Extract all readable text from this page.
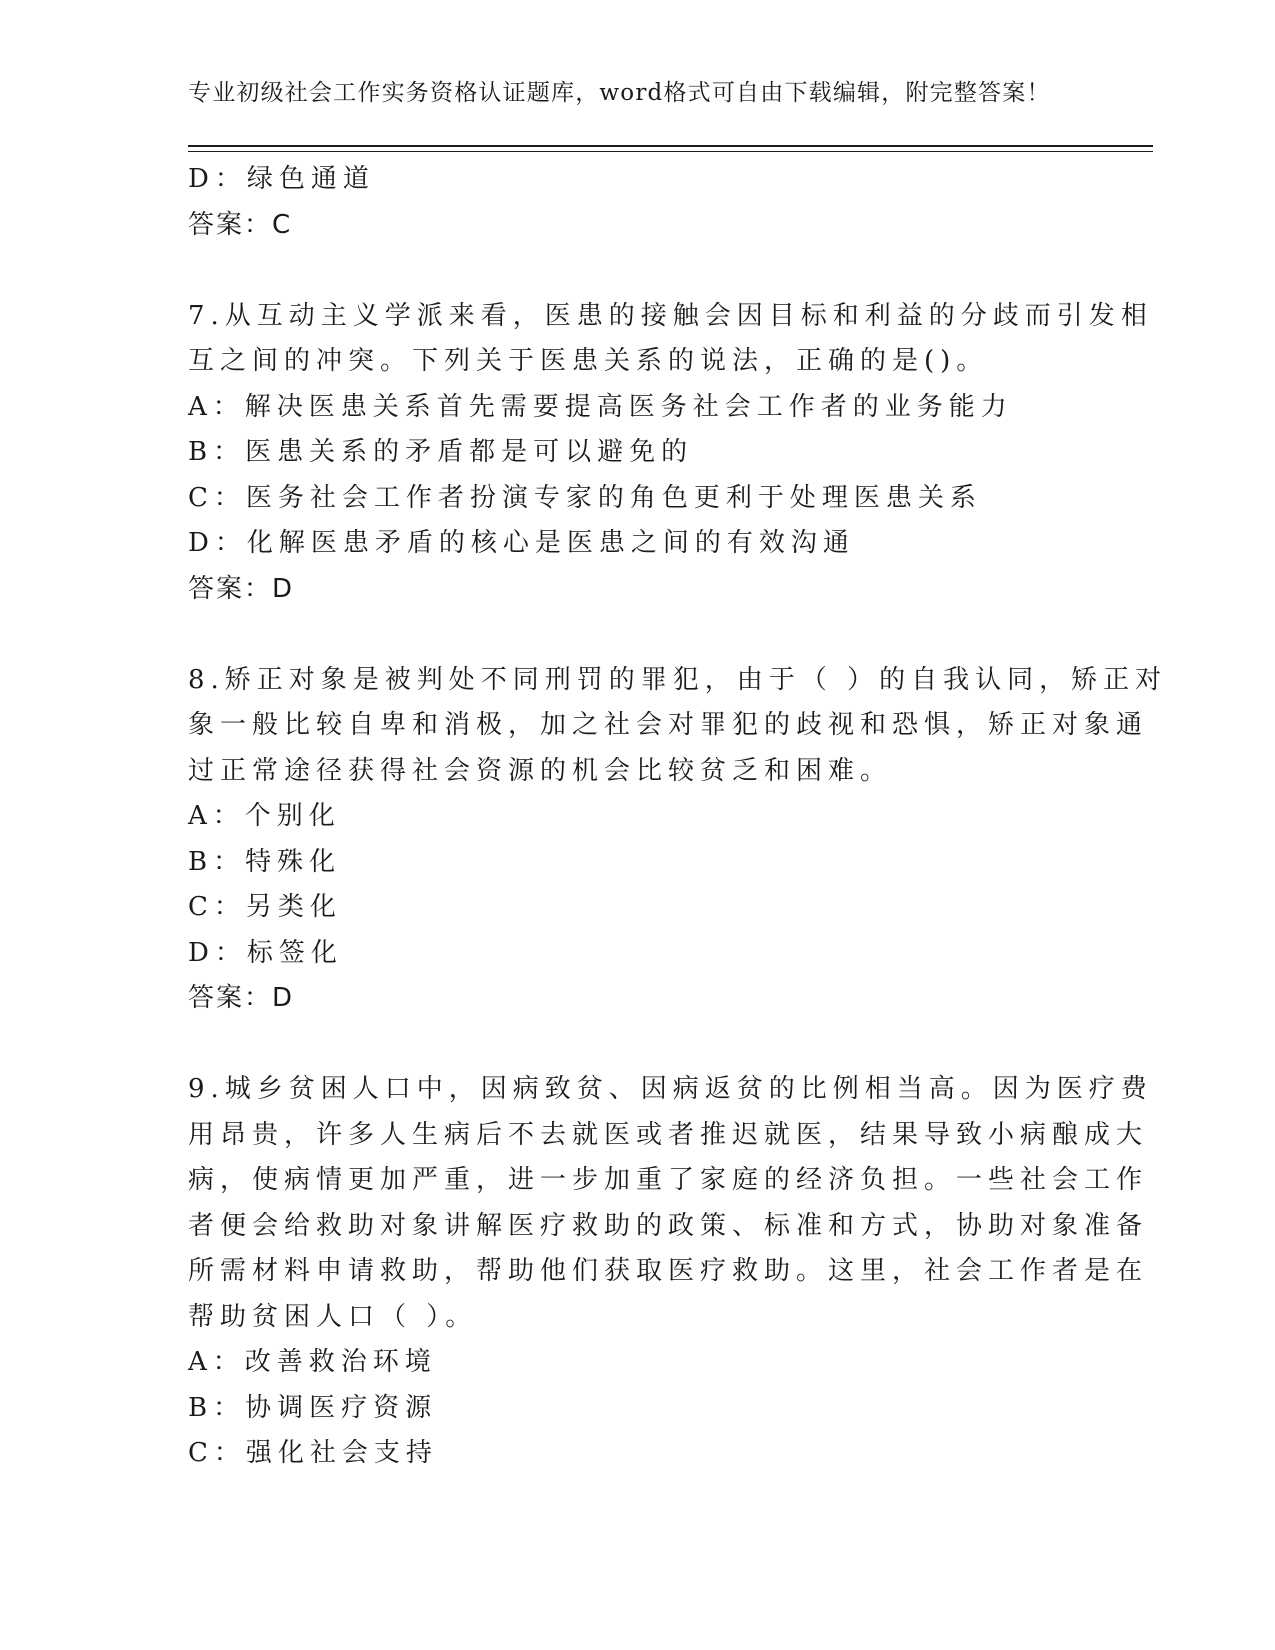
专业初级社会工作实务资格认证题库，word格式可自由下载编辑，附完整答案！
D：绿色通道
答案：C
7.从互动主义学派来看，医患的接触会因目标和利益的分歧而引发相
互之间的冲突。下列关于医患关系的说法，正确的是()。
A：解决医患关系首先需要提高医务社会工作者的业务能力
B：医患关系的矛盾都是可以避免的
C：医务社会工作者扮演专家的角色更利于处理医患关系
D：化解医患矛盾的核心是医患之间的有效沟通
答案：D
8.矫正对象是被判处不同刑罚的罪犯，由于（ ）的自我认同，矫正对
象一般比较自卑和消极，加之社会对罪犯的歧视和恐惧，矫正对象通
过正常途径获得社会资源的机会比较贫乏和困难。
A：个别化
B：特殊化
C：另类化
D：标签化
答案：D
9.城乡贫困人口中，因病致贫、因病返贫的比例相当高。因为医疗费
用昂贵，许多人生病后不去就医或者推迟就医，结果导致小病酿成大
病，使病情更加严重，进一步加重了家庭的经济负担。一些社会工作
者便会给救助对象讲解医疗救助的政策、标准和方式，协助对象准备
所需材料申请救助，帮助他们获取医疗救助。这里，社会工作者是在
帮助贫困人口（ ）。
A：改善救治环境
B：协调医疗资源
C：强化社会支持
